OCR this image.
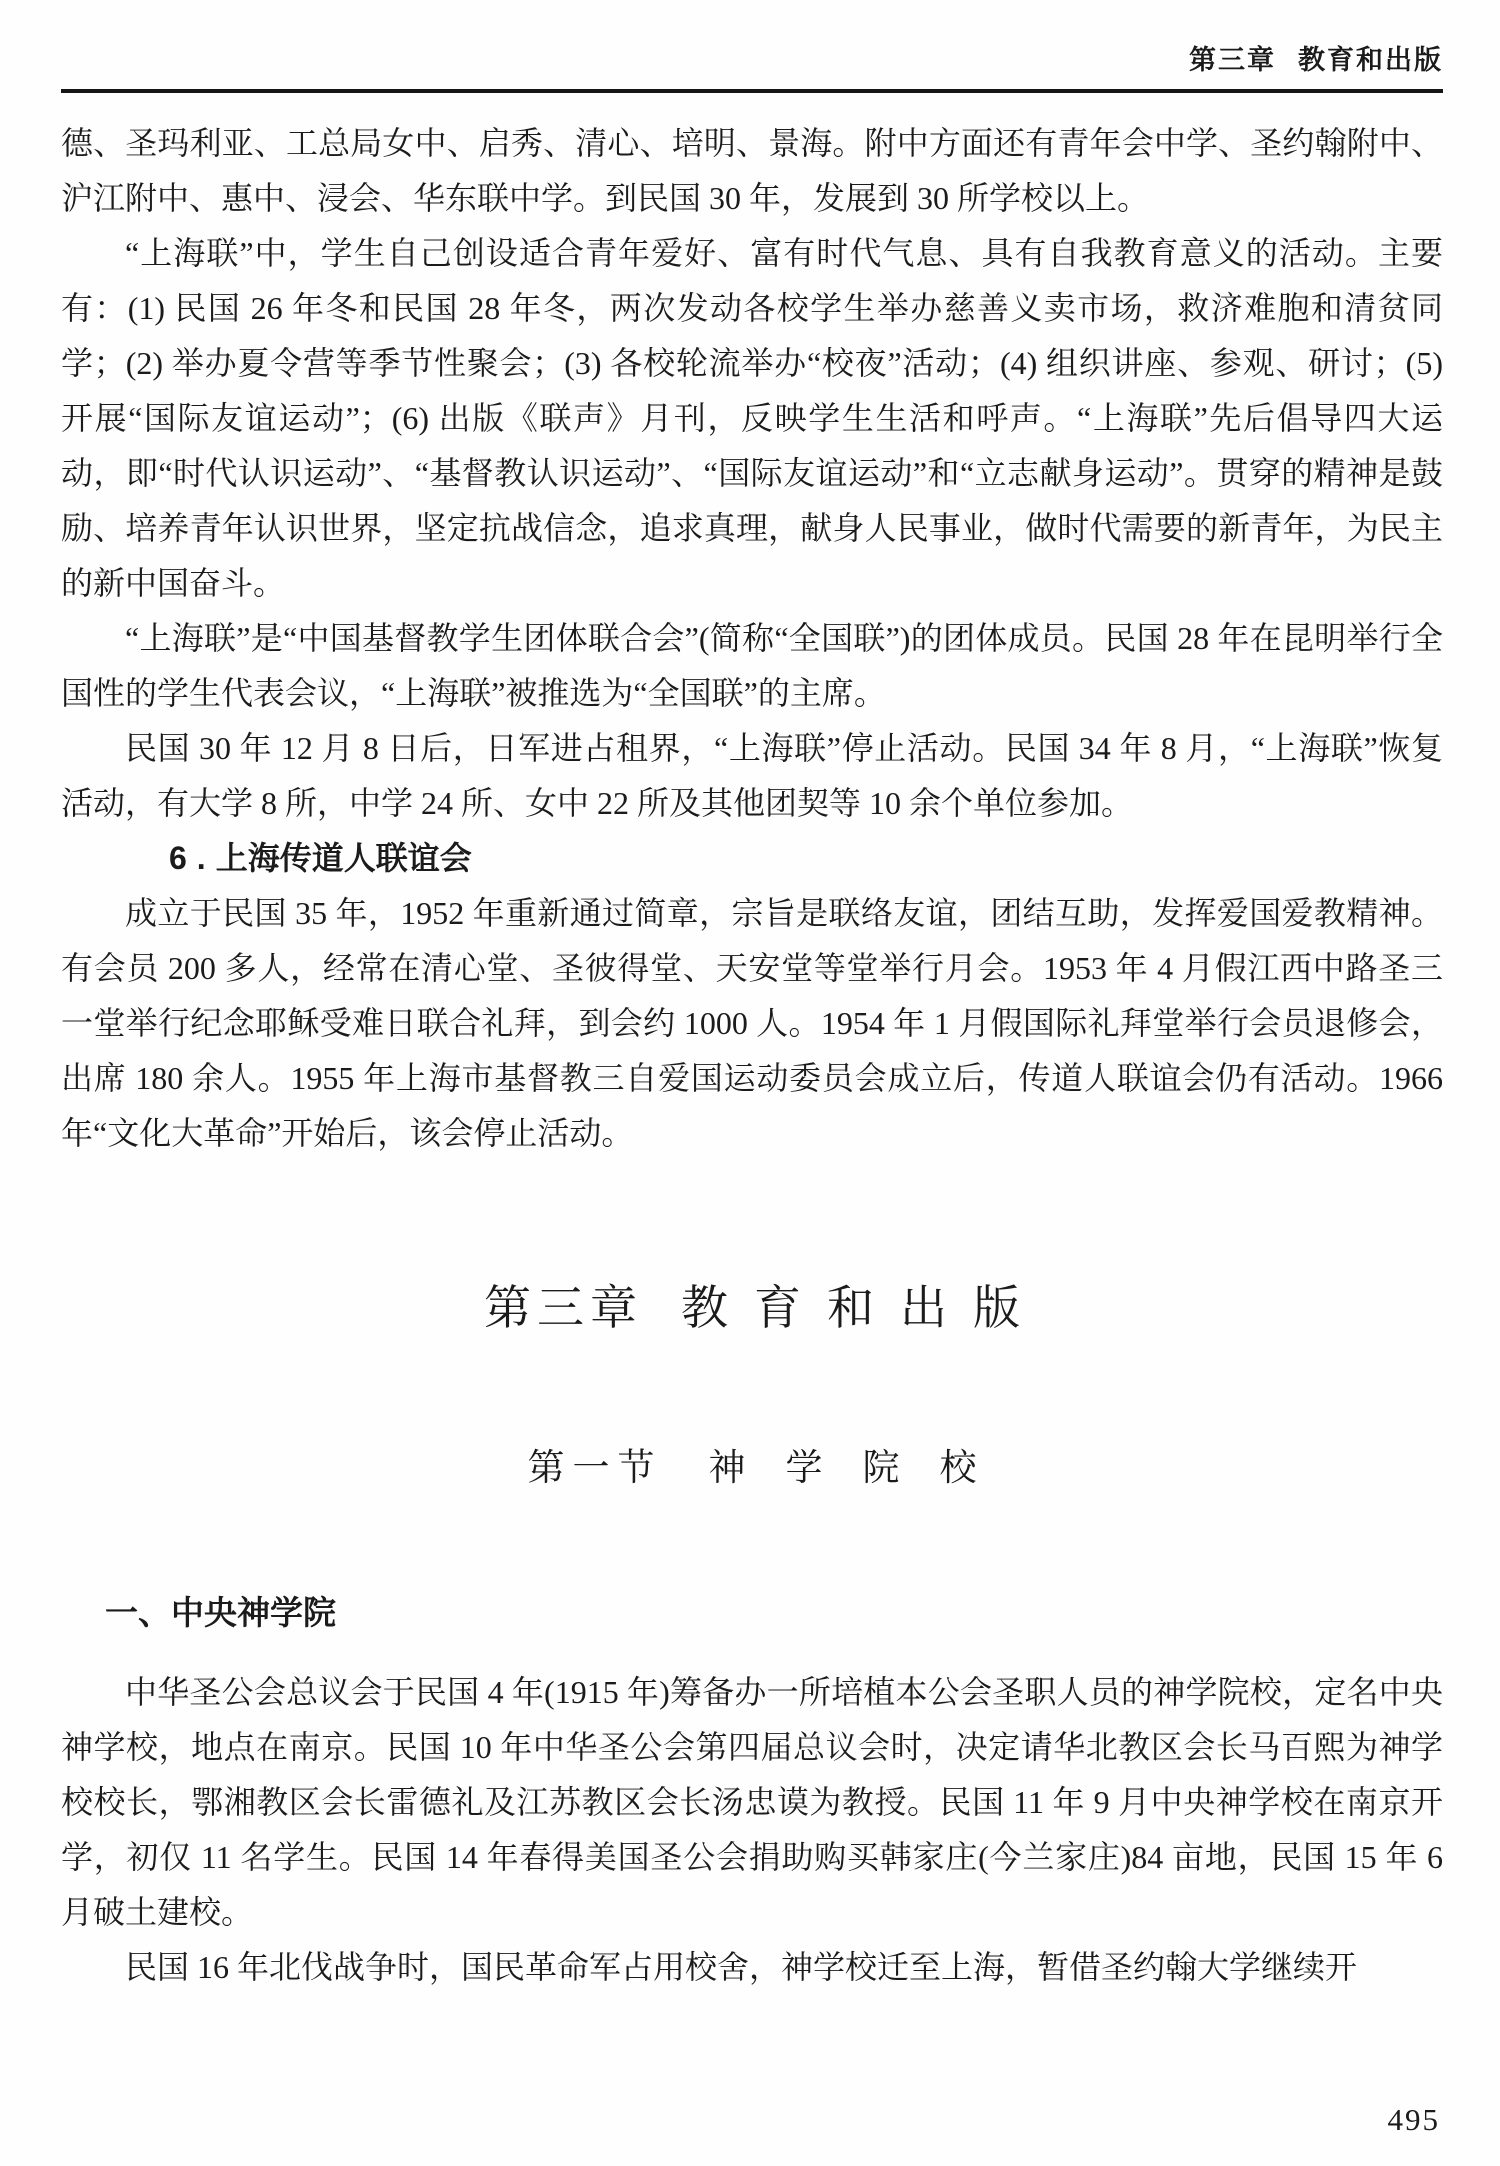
第三章 教育和出版

德、圣玛利亚、工总局女中、启秀、清心、培明、景海。附中方面还有青年会中学、圣约翰附中、沪江附中、惠中、浸会、华东联中学。到民国 30 年，发展到 30 所学校以上。

“上海联”中，学生自己创设适合青年爱好、富有时代气息、具有自我教育意义的活动。主要有：(1) 民国 26 年冬和民国 28 年冬，两次发动各校学生举办慈善义卖市场，救济难胞和清贫同学；(2) 举办夏令营等季节性聚会；(3) 各校轮流举办“校夜”活动；(4) 组织讲座、参观、研讨；(5) 开展“国际友谊运动”；(6) 出版《联声》月刊，反映学生生活和呼声。“上海联”先后倡导四大运动，即“时代认识运动”、“基督教认识运动”、“国际友谊运动”和“立志献身运动”。贯穿的精神是鼓励、培养青年认识世界，坚定抗战信念，追求真理，献身人民事业，做时代需要的新青年，为民主的新中国奋斗。

“上海联”是“中国基督教学生团体联合会”(简称“全国联”)的团体成员。民国 28 年在昆明举行全国性的学生代表会议，“上海联”被推选为“全国联”的主席。

民国 30 年 12 月 8 日后，日军进占租界，“上海联”停止活动。民国 34 年 8 月，“上海联”恢复活动，有大学 8 所，中学 24 所、女中 22 所及其他团契等 10 余个单位参加。

6.上海传道人联谊会

成立于民国 35 年，1952 年重新通过简章，宗旨是联络友谊，团结互助，发挥爱国爱教精神。有会员 200 多人，经常在清心堂、圣彼得堂、天安堂等堂举行月会。1953 年 4 月假江西中路圣三一堂举行纪念耶稣受难日联合礼拜，到会约 1000 人。1954 年 1 月假国际礼拜堂举行会员退修会，出席 180 余人。1955 年上海市基督教三自爱国运动委员会成立后，传道人联谊会仍有活动。1966 年“文化大革命”开始后，该会停止活动。

第三章 教育和出版
第一节 神学院校
一、中央神学院

中华圣公会总议会于民国 4 年(1915 年)筹备办一所培植本公会圣职人员的神学院校，定名中央神学校，地点在南京。民国 10 年中华圣公会第四届总议会时，决定请华北教区会长马百熙为神学校校长，鄂湘教区会长雷德礼及江苏教区会长汤忠谟为教授。民国 11 年 9 月中央神学校在南京开学，初仅 11 名学生。民国 14 年春得美国圣公会捐助购买韩家庄(今兰家庄)84 亩地，民国 15 年 6 月破土建校。

民国 16 年北伐战争时，国民革命军占用校舍，神学校迁至上海，暂借圣约翰大学继续开

495
